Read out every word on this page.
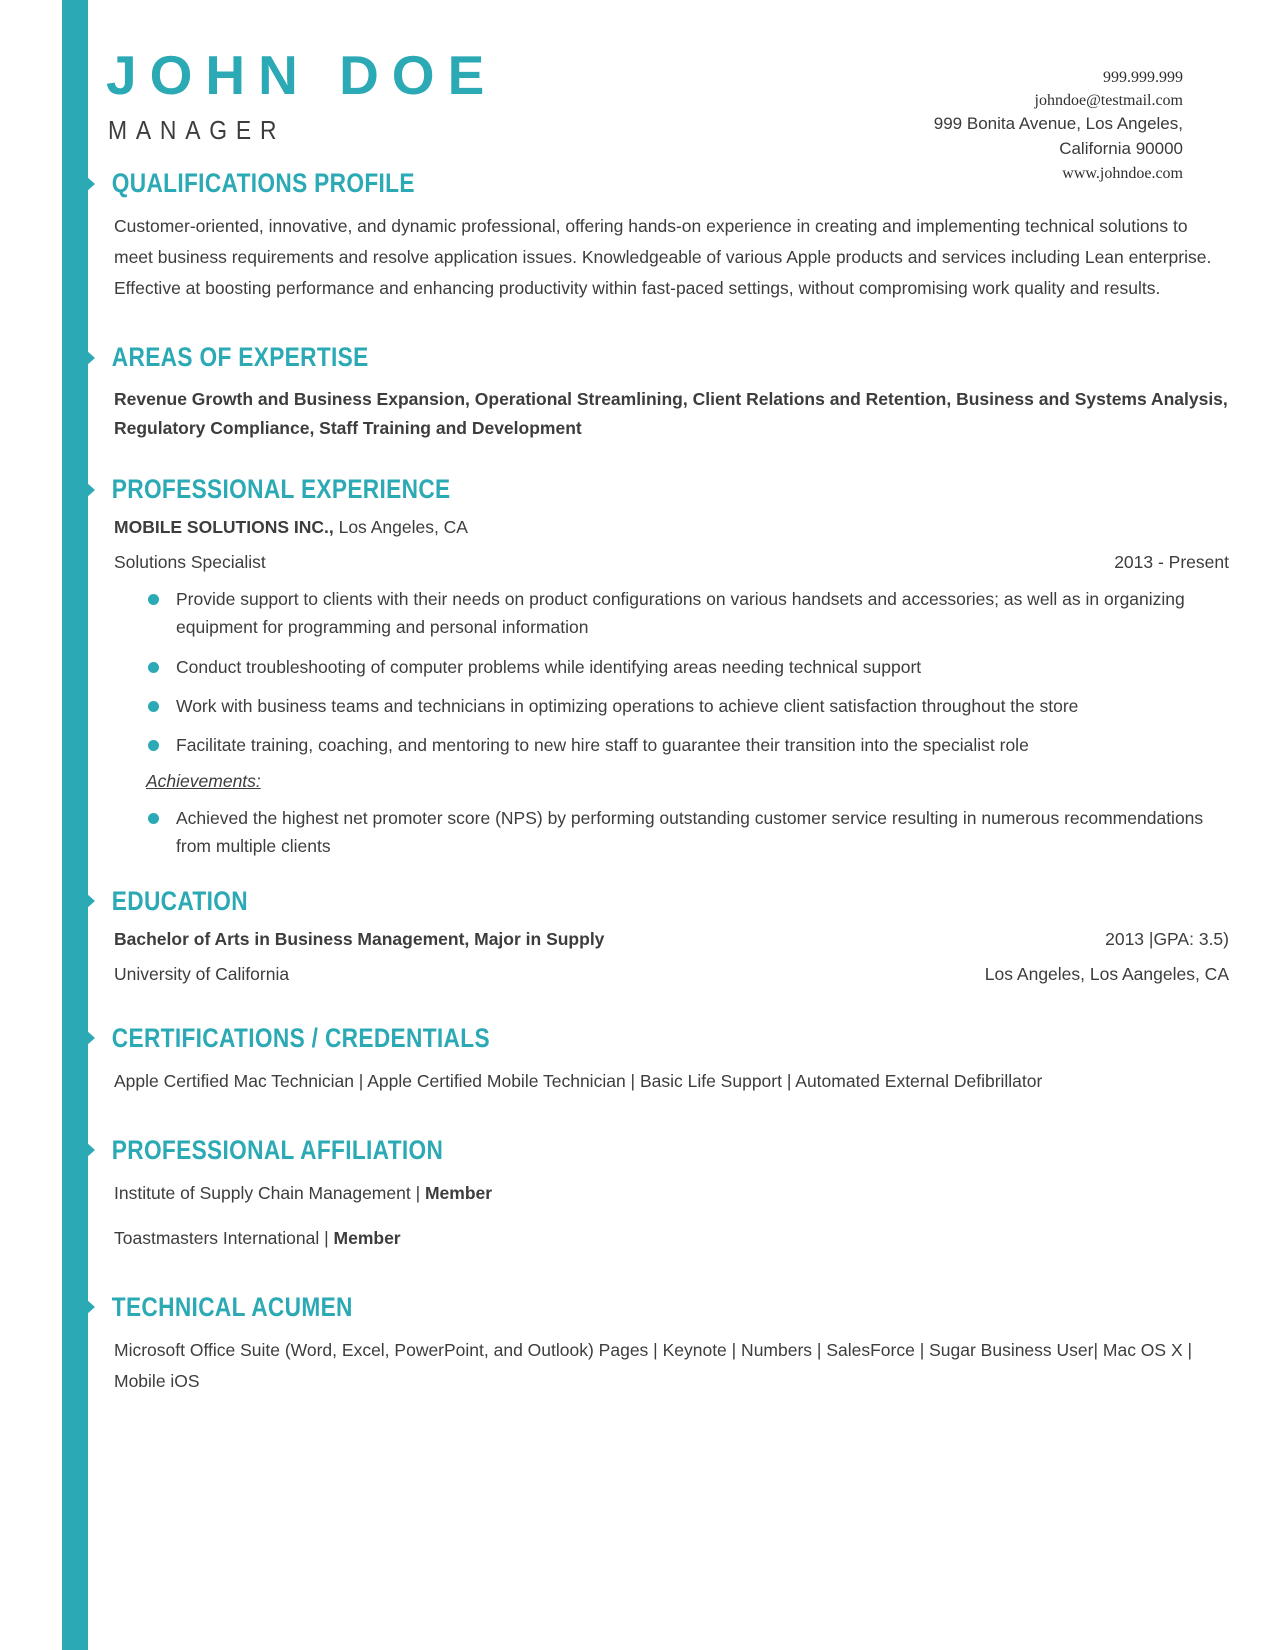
JOHN DOE
MANAGER
999.999.999
johndoe@testmail.com
999 Bonita Avenue, Los Angeles,
California 90000
www.johndoe.com
QUALIFICATIONS PROFILE
Customer-oriented, innovative, and dynamic professional, offering hands-on experience in creating and implementing technical solutions to meet business requirements and resolve application issues. Knowledgeable of various Apple products and services including Lean enterprise. Effective at boosting performance and enhancing productivity within fast-paced settings, without compromising work quality and results.
AREAS OF EXPERTISE
Revenue Growth and Business Expansion, Operational Streamlining, Client Relations and Retention, Business and Systems Analysis, Regulatory Compliance, Staff Training and Development
PROFESSIONAL EXPERIENCE
MOBILE SOLUTIONS INC., Los Angeles, CA
Solutions Specialist	2013 - Present
Provide support to clients with their needs on product configurations on various handsets and accessories; as well as in organizing equipment for programming and personal information
Conduct troubleshooting of computer problems while identifying areas needing technical support
Work with business teams and technicians in optimizing operations to achieve client satisfaction throughout the store
Facilitate training, coaching, and mentoring to new hire staff to guarantee their transition into the specialist role
Achievements:
Achieved the highest net promoter score (NPS) by performing outstanding customer service resulting in numerous recommendations from multiple clients
EDUCATION
Bachelor of Arts in Business Management, Major in Supply	2013 |GPA: 3.5)
University of California	Los Angeles, Los Aangeles, CA
CERTIFICATIONS / CREDENTIALS
Apple Certified Mac Technician | Apple Certified Mobile Technician | Basic Life Support | Automated External Defibrillator
PROFESSIONAL AFFILIATION
Institute of Supply Chain Management | Member
Toastmasters International | Member
TECHNICAL ACUMEN
Microsoft Office Suite (Word, Excel, PowerPoint, and Outlook) Pages | Keynote | Numbers | SalesForce | Sugar Business User| Mac OS X | Mobile iOS
